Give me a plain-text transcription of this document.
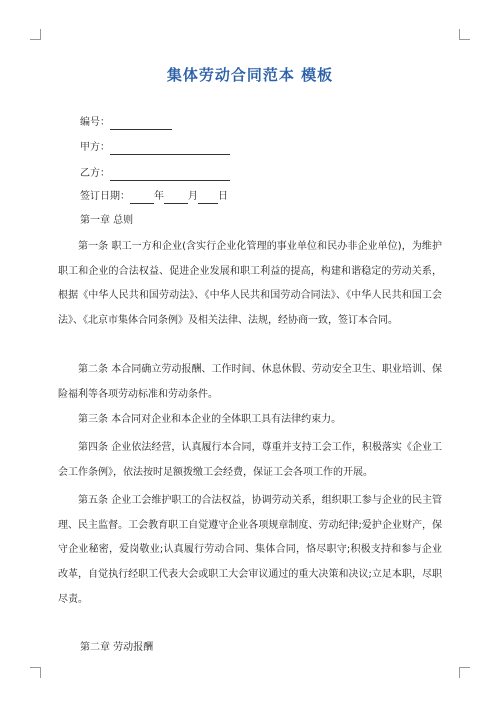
集体劳动合同范本 模板
编号：
甲方：
乙方：
签订日期： 年 月 日
第一章 总则
第一条 职工一方和企业(含实行企业化管理的事业单位和民办非企业单位)，为维护职工和企业的合法权益、促进企业发展和职工利益的提高，构建和谐稳定的劳动关系，根据《中华人民共和国劳动法》、《中华人民共和国劳动合同法》、《中华人民共和国工会法》、《北京市集体合同条例》及相关法律、法规，经协商一致，签订本合同。
第二条 本合同确立劳动报酬、工作时间、休息休假、劳动安全卫生、职业培训、保险福利等各项劳动标准和劳动条件。
第三条 本合同对企业和本企业的全体职工具有法律约束力。
第四条 企业依法经营，认真履行本合同，尊重并支持工会工作，积极落实《企业工会工作条例》，依法按时足额拨缴工会经费，保证工会各项工作的开展。
第五条 企业工会维护职工的合法权益，协调劳动关系，组织职工参与企业的民主管理、民主监督。工会教育职工自觉遵守企业各项规章制度、劳动纪律;爱护企业财产，保守企业秘密，爱岗敬业;认真履行劳动合同、集体合同，恪尽职守;积极支持和参与企业改革，自觉执行经职工代表大会或职工大会审议通过的重大决策和决议;立足本职，尽职尽责。
第二章 劳动报酬
